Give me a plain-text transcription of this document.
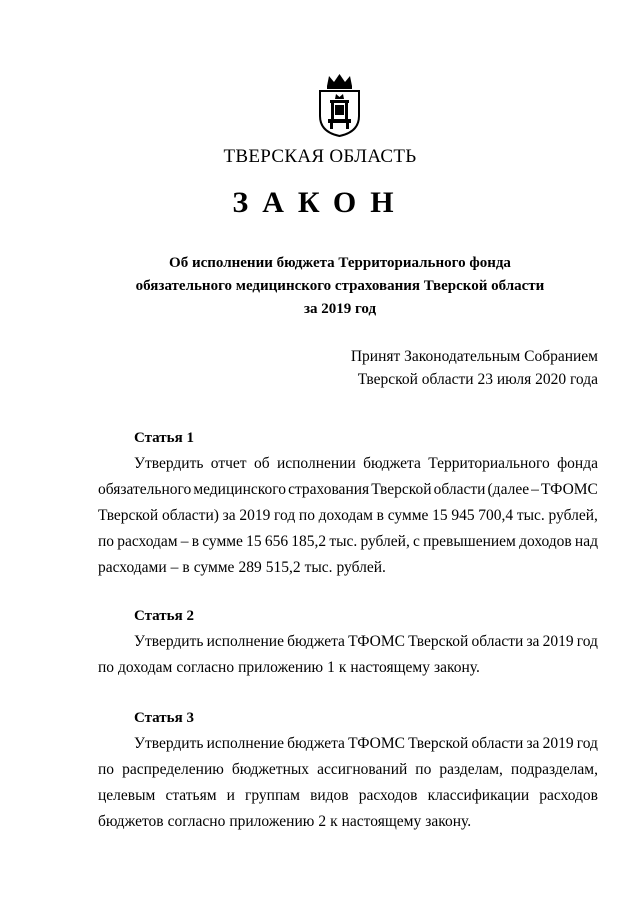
ТВЕРСКАЯ ОБЛАСТЬ
ЗАКОН
Об исполнении бюджета Территориального фонда
обязательного медицинского страхования Тверской области
за 2019 год
Принят Законодательным Собранием
Тверской области 23 июля 2020 года
Статья 1
Утвердить отчет об исполнении бюджета Территориального фонда
обязательного медицинского страхования Тверской области (далее – ТФОМС
Тверской области) за 2019 год по доходам в сумме 15 945 700,4 тыс. рублей,
по расходам – в сумме 15 656 185,2 тыс. рублей, с превышением доходов над
расходами – в сумме 289 515,2 тыс. рублей.
Статья 2
Утвердить исполнение бюджета ТФОМС Тверской области за 2019 год
по доходам согласно приложению 1 к настоящему закону.
Статья 3
Утвердить исполнение бюджета ТФОМС Тверской области за 2019 год
по распределению бюджетных ассигнований по разделам, подразделам,
целевым статьям и группам видов расходов классификации расходов
бюджетов согласно приложению 2 к настоящему закону.
